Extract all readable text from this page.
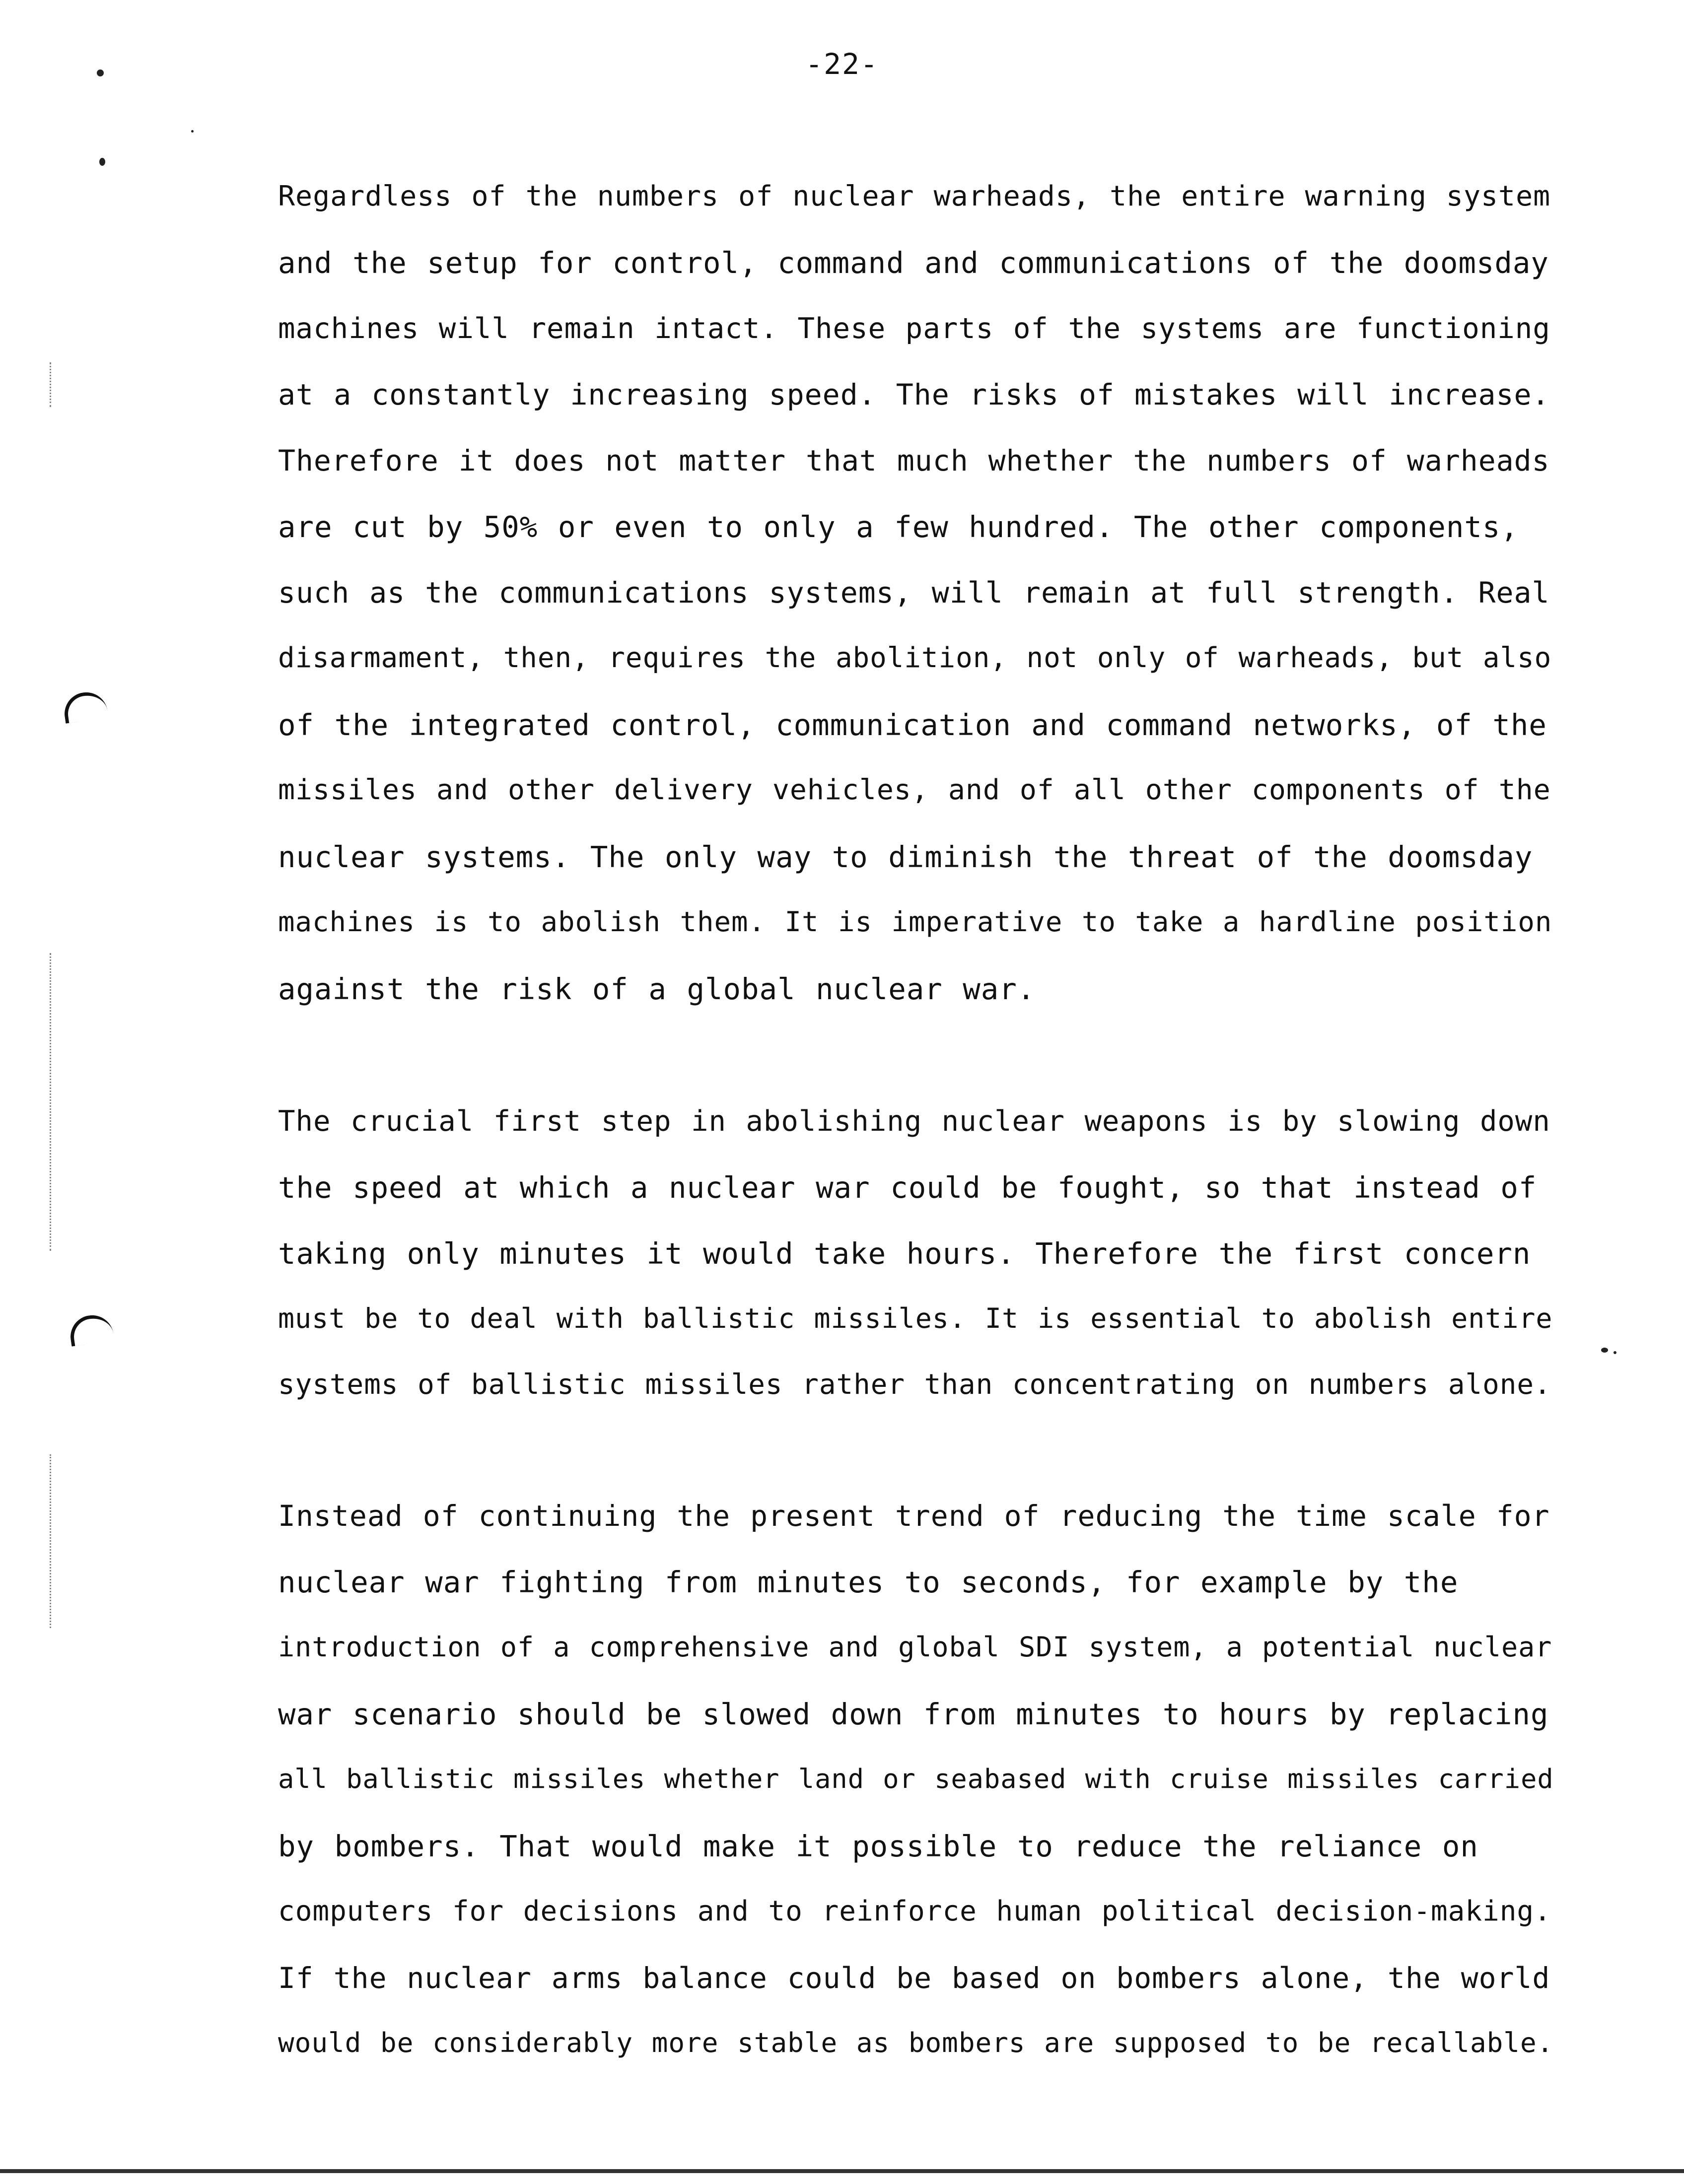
-22-
Regardless of the numbers of nuclear warheads, the entire warning system
and the setup for control, command and communications of the doomsday
machines will remain intact. These parts of the systems are functioning
at a constantly increasing speed. The risks of mistakes will increase.
Therefore it does not matter that much whether the numbers of warheads
are cut by 50% or even to only a few hundred. The other components,
such as the communications systems, will remain at full strength. Real
disarmament, then, requires the abolition, not only of warheads, but also
of the integrated control, communication and command networks, of the
missiles and other delivery vehicles, and of all other components of the
nuclear systems. The only way to diminish the threat of the doomsday
machines is to abolish them. It is imperative to take a hardline position
against the risk of a global nuclear war.
The crucial first step in abolishing nuclear weapons is by slowing down
the speed at which a nuclear war could be fought, so that instead of
taking only minutes it would take hours. Therefore the first concern
must be to deal with ballistic missiles. It is essential to abolish entire
systems of ballistic missiles rather than concentrating on numbers alone.
Instead of continuing the present trend of reducing the time scale for
nuclear war fighting from minutes to seconds, for example by the
introduction of a comprehensive and global SDI system, a potential nuclear
war scenario should be slowed down from minutes to hours by replacing
all ballistic missiles whether land or seabased with cruise missiles carried
by bombers. That would make it possible to reduce the reliance on
computers for decisions and to reinforce human political decision-making.
If the nuclear arms balance could be based on bombers alone, the world
would be considerably more stable as bombers are supposed to be recallable.
